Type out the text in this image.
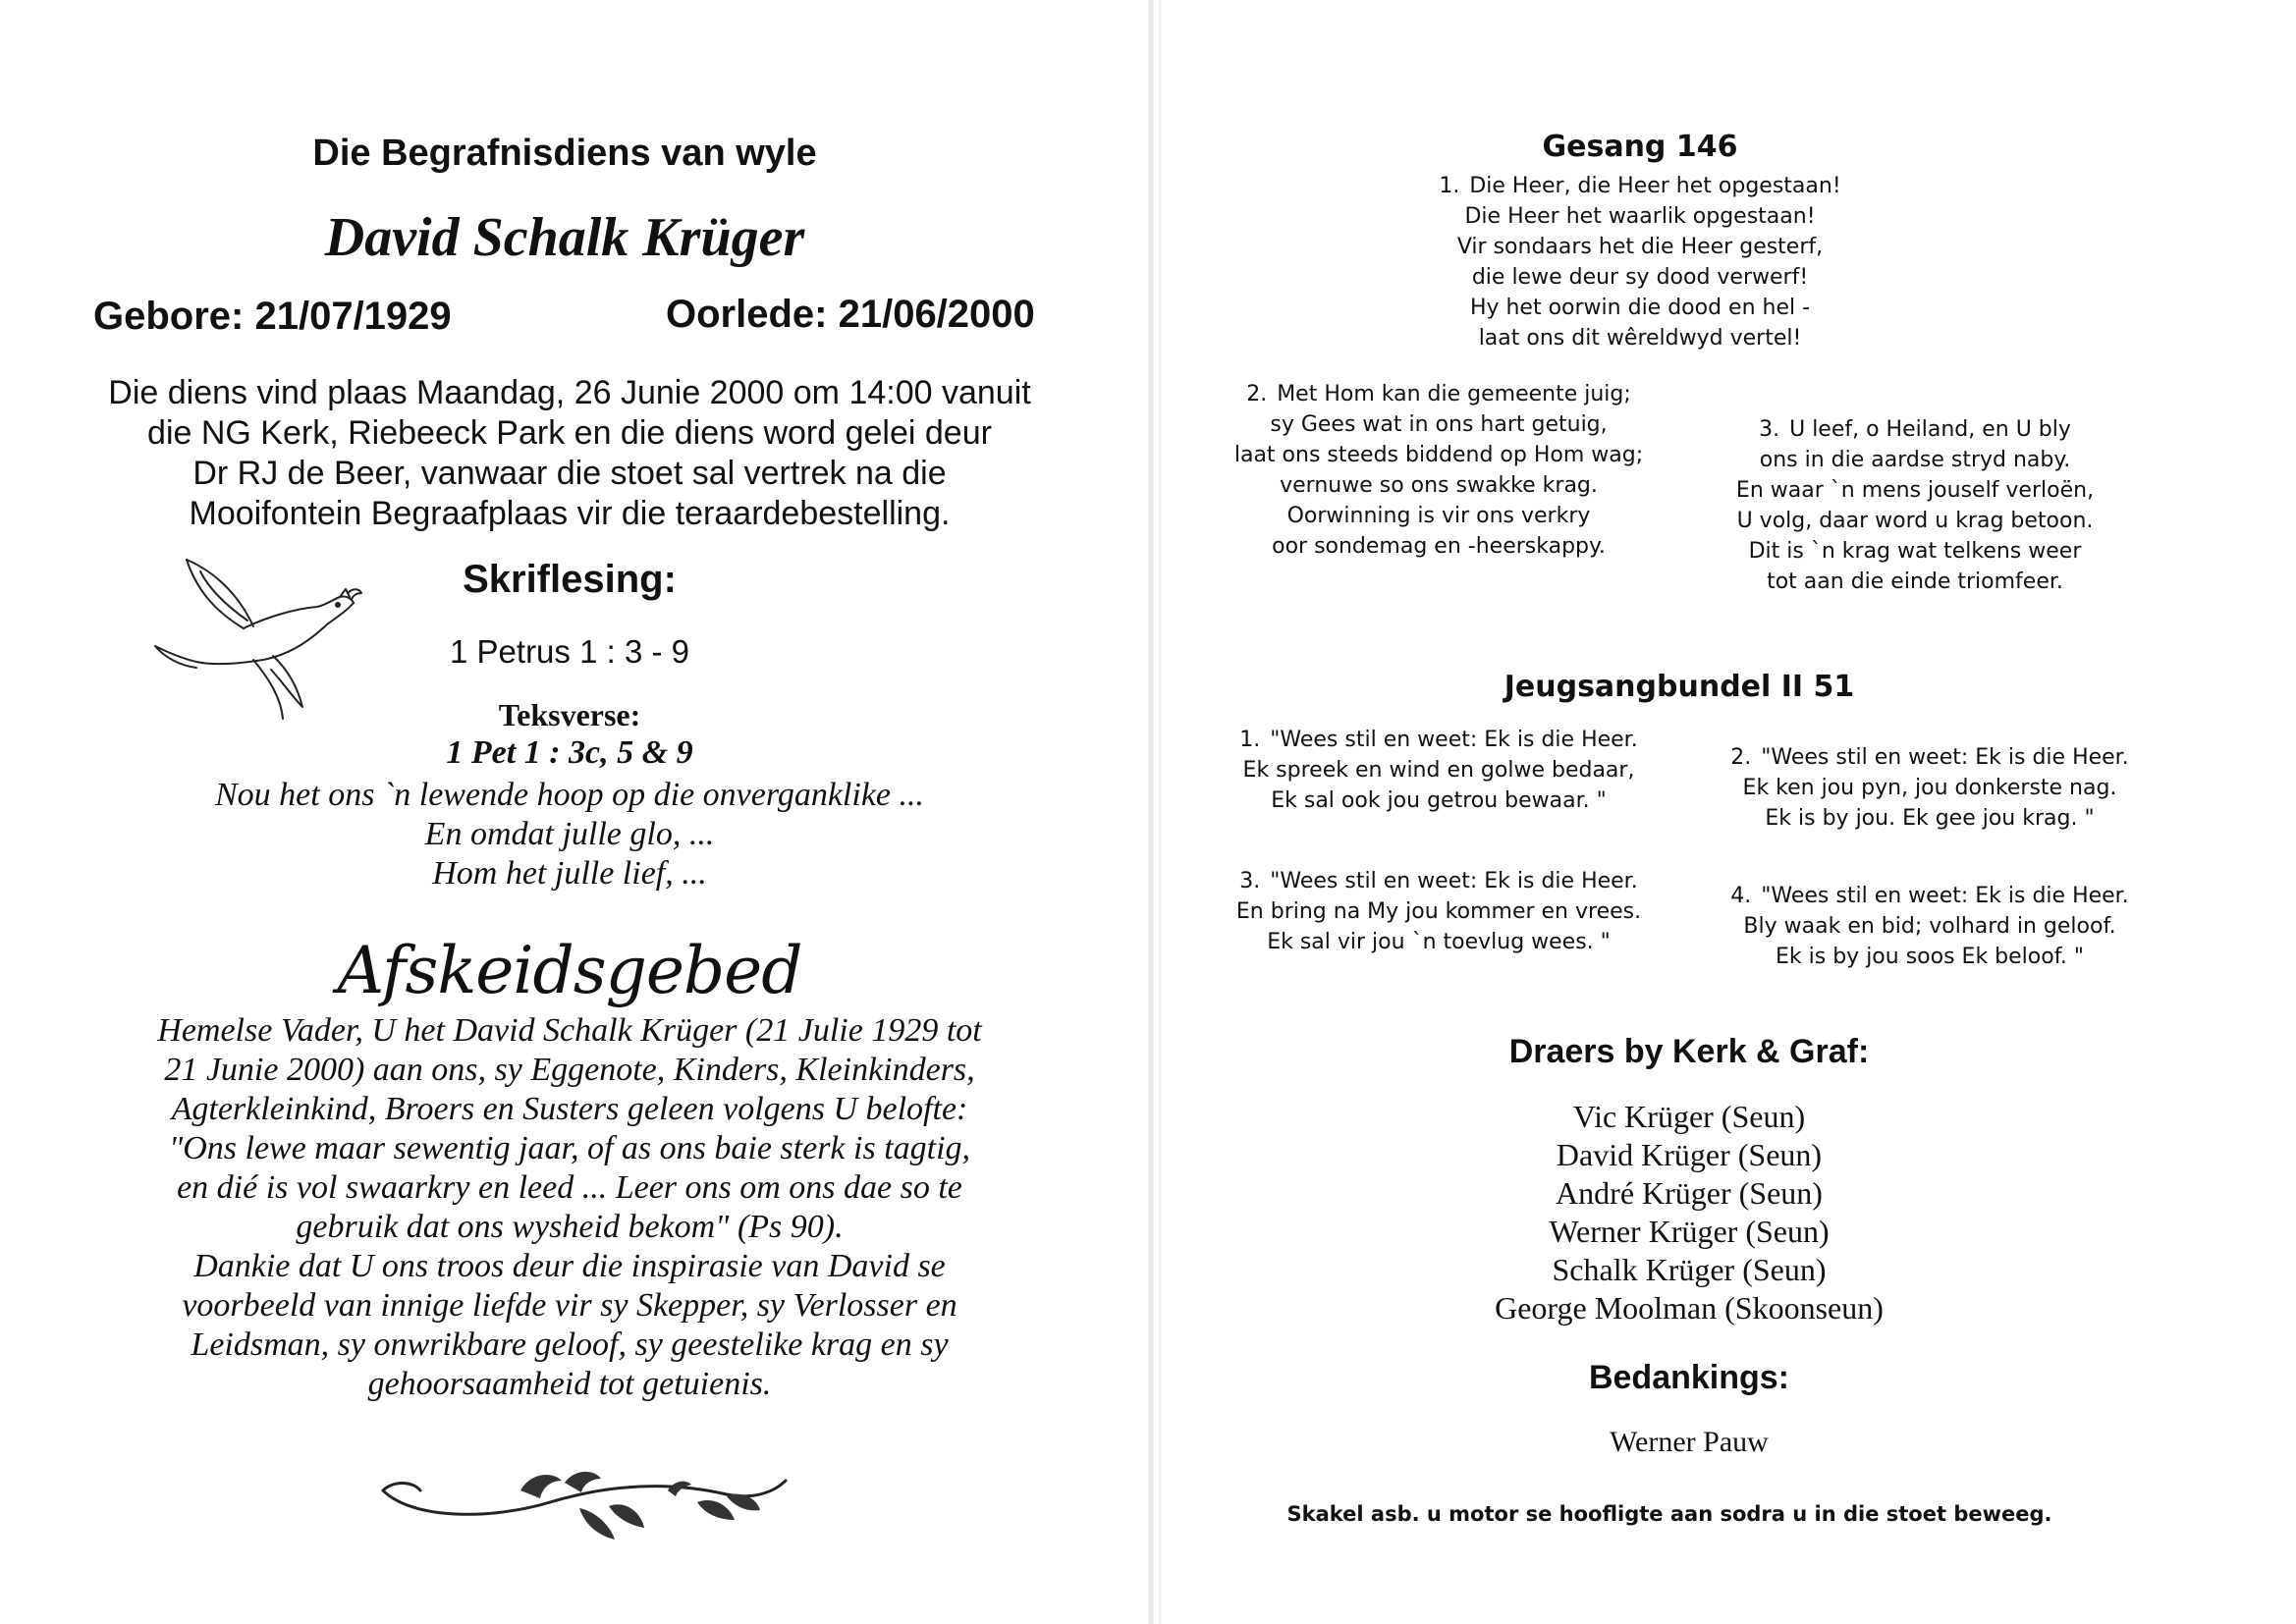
Die Begrafnisdiens van wyle
David Schalk Krüger
Gebore: 21/07/1929	Oorlede: 21/06/2000
Die diens vind plaas Maandag, 26 Junie 2000 om 14:00 vanuit
die NG Kerk, Riebeeck Park en die diens word gelei deur
Dr RJ de Beer, vanwaar die stoet sal vertrek na die
Mooifontein Begraafplaas vir die teraardebestelling.
Skriflesing:
1 Petrus 1 : 3 - 9
Teksverse:
1 Pet 1 : 3c, 5 & 9
Nou het ons `n lewende hoop op die onverganklike ...
En omdat julle glo, ...
Hom het julle lief, ...
Afskeidsgebed
Hemelse Vader, U het David Schalk Krüger (21 Julie 1929 tot
21 Junie 2000) aan ons, sy Eggenote, Kinders, Kleinkinders,
Agterkleinkind, Broers en Susters geleen volgens U belofte:
"Ons lewe maar sewentig jaar, of as ons baie sterk is tagtig,
en dié is vol swaarkry en leed ... Leer ons om ons dae so te
gebruik dat ons wysheid bekom" (Ps 90).
Dankie dat U ons troos deur die inspirasie van David se
voorbeeld van innige liefde vir sy Skepper, sy Verlosser en
Leidsman, sy onwrikbare geloof, sy geestelike krag en sy
gehoorsaamheid tot getuienis.
Gesang 146
1. Die Heer, die Heer het opgestaan!
Die Heer het waarlik opgestaan!
Vir sondaars het die Heer gesterf,
die lewe deur sy dood verwerf!
Hy het oorwin die dood en hel -
laat ons dit wêreldwyd vertel!
2. Met Hom kan die gemeente juig;
sy Gees wat in ons hart getuig,
laat ons steeds biddend op Hom wag;
vernuwe so ons swakke krag.
Oorwinning is vir ons verkry
oor sondemag en -heerskappy.
3. U leef, o Heiland, en U bly
ons in die aardse stryd naby.
En waar `n mens jouself verloën,
U volg, daar word u krag betoon.
Dit is `n krag wat telkens weer
tot aan die einde triomfeer.
Jeugsangbundel II 51
1. "Wees stil en weet: Ek is die Heer.
Ek spreek en wind en golwe bedaar,
Ek sal ook jou getrou bewaar. "
2. "Wees stil en weet: Ek is die Heer.
Ek ken jou pyn, jou donkerste nag.
Ek is by jou. Ek gee jou krag. "
3. "Wees stil en weet: Ek is die Heer.
En bring na My jou kommer en vrees.
Ek sal vir jou `n toevlug wees. "
4. "Wees stil en weet: Ek is die Heer.
Bly waak en bid; volhard in geloof.
Ek is by jou soos Ek beloof. "
Draers by Kerk & Graf:
Vic Krüger (Seun)
David Krüger (Seun)
André Krüger (Seun)
Werner Krüger (Seun)
Schalk Krüger (Seun)
George Moolman (Skoonseun)
Bedankings:
Werner Pauw
Skakel asb. u motor se hoofligte aan sodra u in die stoet beweeg.
